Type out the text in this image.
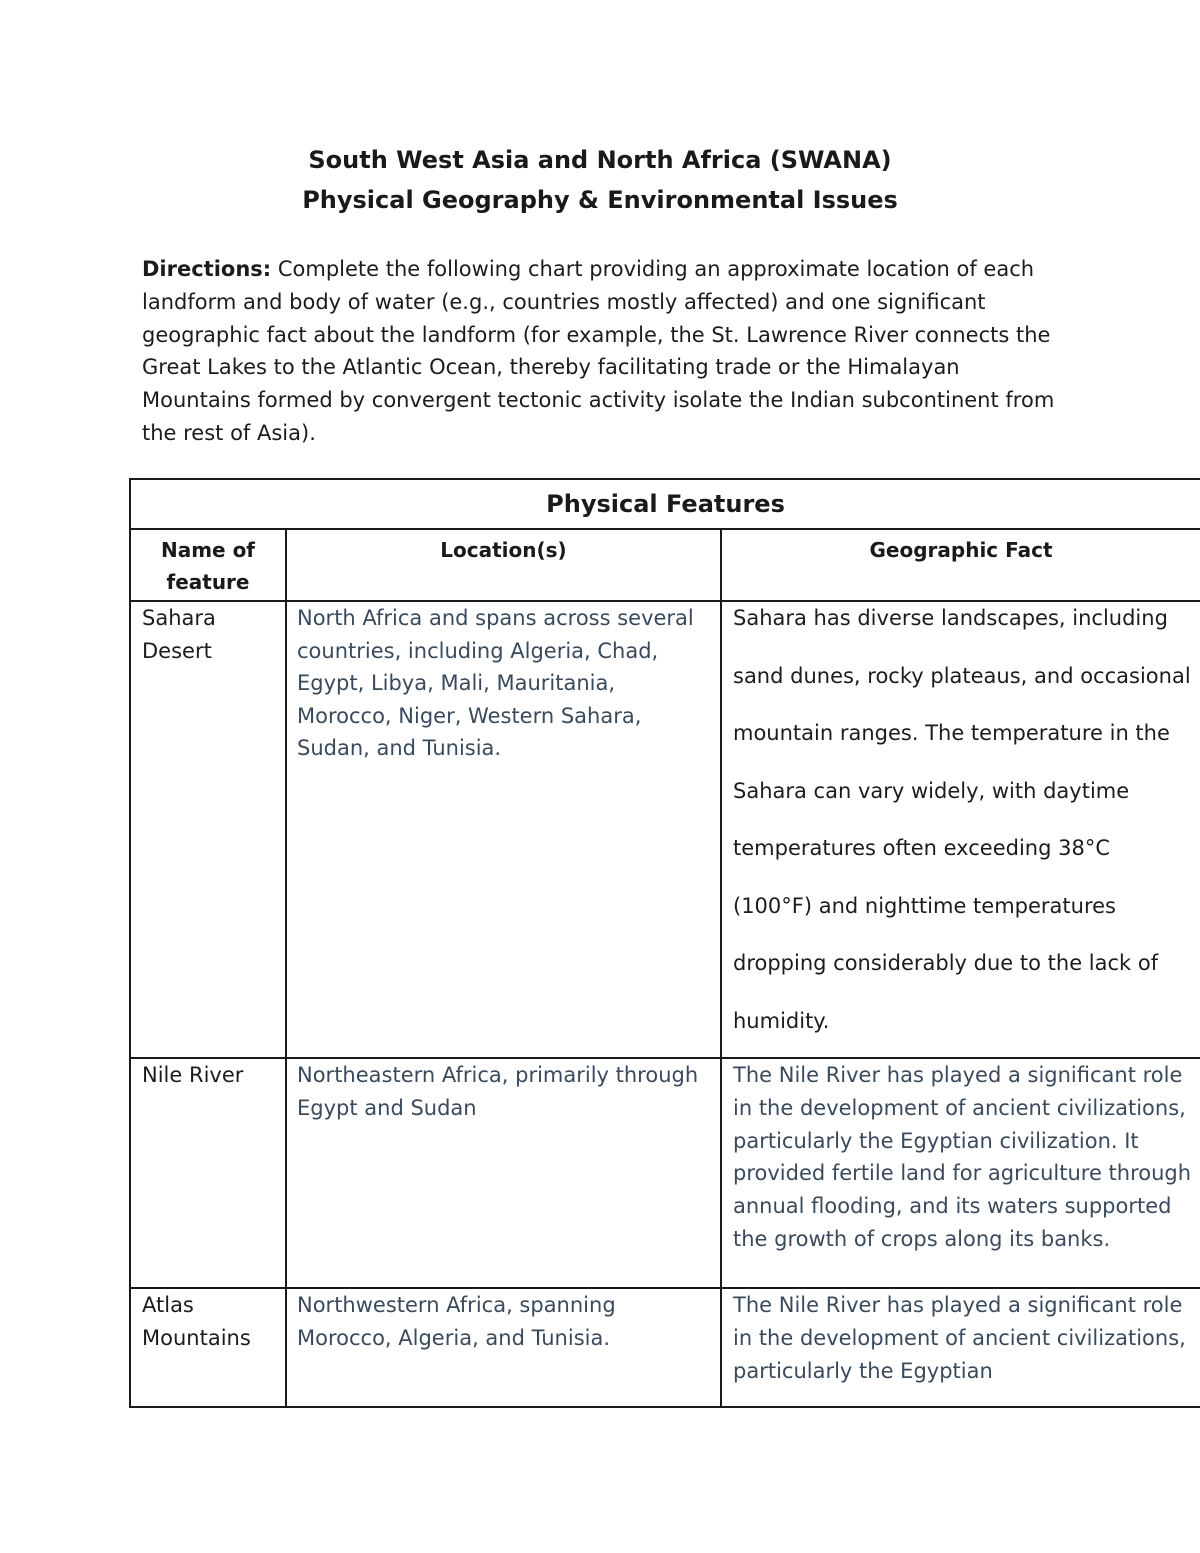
South West Asia and North Africa (SWANA)
Physical Geography & Environmental Issues
Directions: Complete the following chart providing an approximate location of each landform and body of water (e.g., countries mostly affected) and one significant geographic fact about the landform (for example, the St. Lawrence River connects the Great Lakes to the Atlantic Ocean, thereby facilitating trade or the Himalayan Mountains formed by convergent tectonic activity isolate the Indian subcontinent from the rest of Asia).
Physical Features		
Name of feature	Location(s)	Geographic Fact

Sahara Desert	North Africa and spans across several countries, including Algeria, Chad, Egypt, Libya, Mali, Mauritania, Morocco, Niger, Western Sahara, Sudan, and Tunisia.	Sahara has diverse landscapes, including sand dunes, rocky plateaus, and occasional mountain ranges. The temperature in the Sahara can vary widely, with daytime temperatures often exceeding 38°C (100°F) and nighttime temperatures dropping considerably due to the lack of humidity.

Nile River	Northeastern Africa, primarily through Egypt and Sudan	The Nile River has played a significant role in the development of ancient civilizations, particularly the Egyptian civilization. It provided fertile land for agriculture through annual flooding, and its waters supported the growth of crops along its banks.

Atlas Mountains	Northwestern Africa, spanning Morocco, Algeria, and Tunisia.	The Nile River has played a significant role in the development of ancient civilizations, particularly the Egyptian
